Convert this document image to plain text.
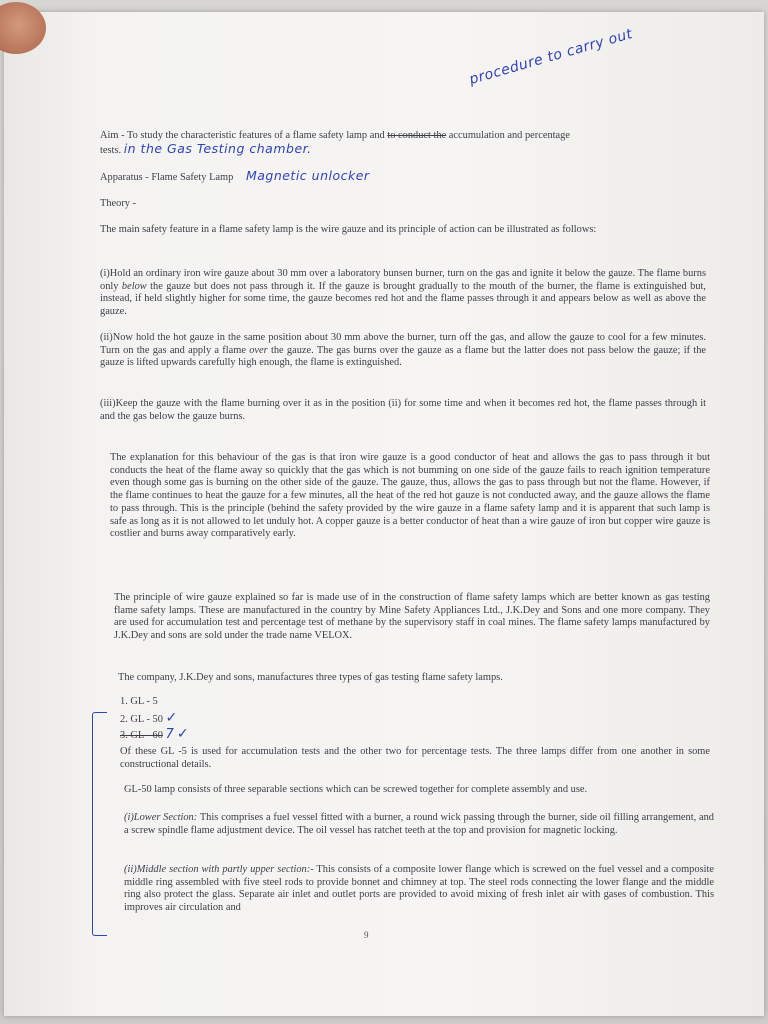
procedure to carry out

Aim - To study the characteristic features of a flame safety lamp and to conduct the accumulation and percentage

tests. in the Gas Testing chamber.

Apparatus - Flame Safety Lamp Magnetic unlocker

Theory -

The main safety feature in a flame safety lamp is the wire gauze and its principle of action can be illustrated as follows:

(i)Hold an ordinary iron wire gauze about 30 mm over a laboratory bunsen burner, turn on the gas and ignite it below the gauze. The flame burns only below the gauze but does not pass through it. If the gauze is brought gradually to the mouth of the burner, the flame is extinguished but, instead, if held slightly higher for some time, the gauze becomes red hot and the flame passes through it and appears below as well as above the gauze.

(ii)Now hold the hot gauze in the same position about 30 mm above the burner, turn off the gas, and allow the gauze to cool for a few minutes. Turn on the gas and apply a flame over the gauze. The gas burns over the gauze as a flame but the latter does not pass below the gauze; if the gauze is lifted upwards carefully high enough, the flame is extinguished.

(iii)Keep the gauze with the flame burning over it as in the position (ii) for some time and when it becomes red hot, the flame passes through it and the gas below the gauze burns.

The explanation for this behaviour of the gas is that iron wire gauze is a good conductor of heat and allows the gas to pass through it but conducts the heat of the flame away so quickly that the gas which is not bumming on one side of the gauze fails to reach ignition temperature even though some gas is burning on the other side of the gauze. The gauze, thus, allows the gas to pass through but not the flame. However, if the flame continues to heat the gauze for a few minutes, all the heat of the red hot gauze is not conducted away, and the gauze allows the flame to pass through. This is the principle (behind the safety provided by the wire gauze in a flame safety lamp and it is apparent that such lamp is safe as long as it is not allowed to let unduly hot. A copper gauze is a better conductor of heat than a wire gauze of iron but copper wire gauze is costlier and burns away comparatively early.

The principle of wire gauze explained so far is made use of in the construction of flame safety lamps which are better known as gas testing flame safety lamps. These are manufactured in the country by Mine Safety Appliances Ltd., J.K.Dey and Sons and one more company. They are used for accumulation test and percentage test of methane by the supervisory staff in coal mines. The flame safety lamps manufactured by J.K.Dey and sons are sold under the trade name VELOX.

The company, J.K.Dey and sons, manufactures three types of gas testing flame safety lamps.

1. GL - 5
2. GL - 50 ✓
3. GL - 60 7 ✓

Of these GL -5 is used for accumulation tests and the other two for percentage tests. The three lamps differ from one another in some constructional details.

GL-50 lamp consists of three separable sections which can be screwed together for complete assembly and use.

(i)Lower Section: This comprises a fuel vessel fitted with a burner, a round wick passing through the burner, side oil filling arrangement, and a screw spindle flame adjustment device. The oil vessel has ratchet teeth at the top and provision for magnetic locking.

(ii)Middle section with partly upper section:- This consists of a composite lower flange which is screwed on the fuel vessel and a composite middle ring assembled with five steel rods to provide bonnet and chimney at top. The steel rods connecting the lower flange and the middle ring also protect the glass. Separate air inlet and outlet ports are provided to avoid mixing of fresh inlet air with gases of combustion. This improves air circulation and

9
